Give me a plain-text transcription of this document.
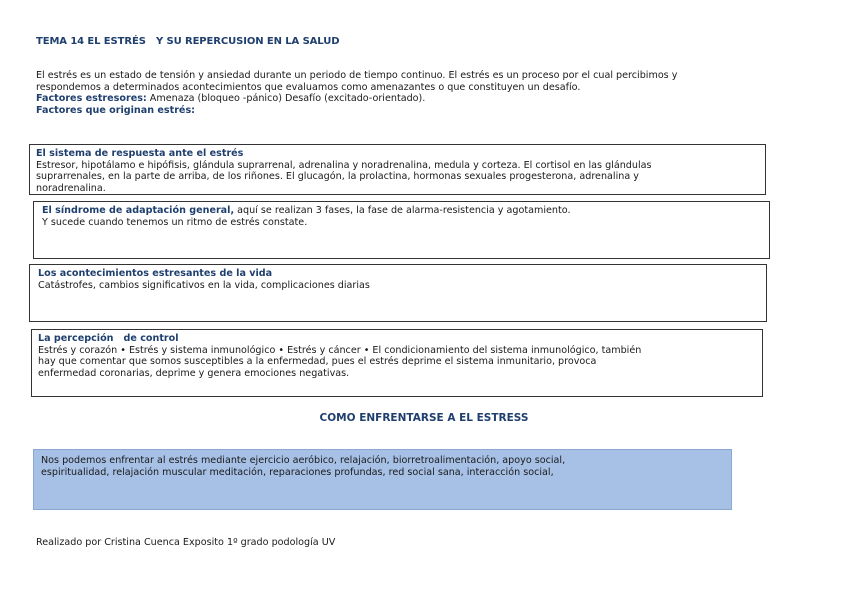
TEMA 14 EL ESTRÉS   Y SU REPERCUSION EN LA SALUD
El estrés es un estado de tensión y ansiedad durante un periodo de tiempo continuo. El estrés es un proceso por el cual percibimos y
respondemos a determinados acontecimientos que evaluamos como amenazantes o que constituyen un desafío.
Factores estresores: Amenaza (bloqueo -pánico) Desafío (excitado-orientado).
Factores que originan estrés:
El sistema de respuesta ante el estrés
Estresor, hipotálamo e hipófisis, glándula suprarrenal, adrenalina y noradrenalina, medula y corteza. El cortisol en las glándulas
suprarrenales, en la parte de arriba, de los riñones. El glucagón, la prolactina, hormonas sexuales progesterona, adrenalina y
noradrenalina.
El síndrome de adaptación general, aquí se realizan 3 fases, la fase de alarma-resistencia y agotamiento.
Y sucede cuando tenemos un ritmo de estrés constate.
Los acontecimientos estresantes de la vida
Catástrofes, cambios significativos en la vida, complicaciones diarias
La percepción   de control
Estrés y corazón • Estrés y sistema inmunológico • Estrés y cáncer • El condicionamiento del sistema inmunológico, también
hay que comentar que somos susceptibles a la enfermedad, pues el estrés deprime el sistema inmunitario, provoca
enfermedad coronarias, deprime y genera emociones negativas.
COMO ENFRENTARSE A EL ESTRESS
Nos podemos enfrentar al estrés mediante ejercicio aeróbico, relajación, biorretroalimentación, apoyo social,
espiritualidad, relajación muscular meditación, reparaciones profundas, red social sana, interacción social,
Realizado por Cristina Cuenca Exposito 1º grado podología UV
